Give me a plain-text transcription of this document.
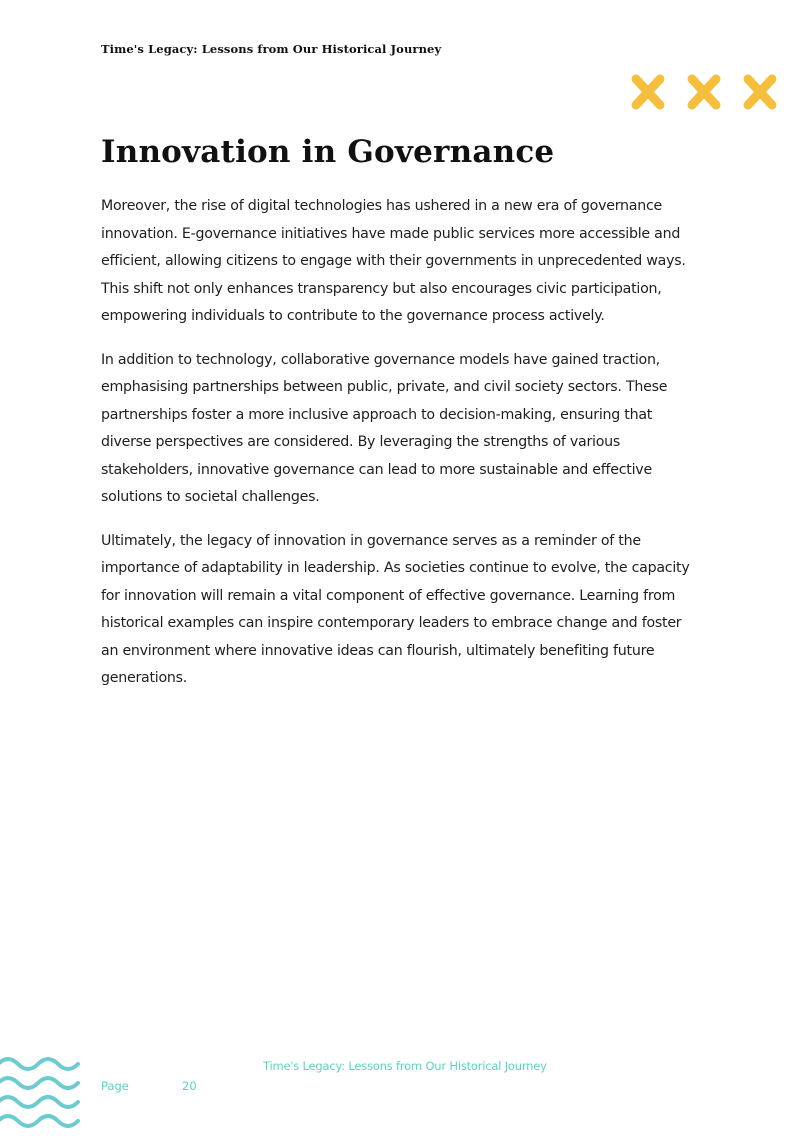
Time's Legacy: Lessons from Our Historical Journey
Innovation in Governance

Moreover, the rise of digital technologies has ushered in a new era of governance innovation. E-governance initiatives have made public services more accessible and efficient, allowing citizens to engage with their governments in unprecedented ways. This shift not only enhances transparency but also encourages civic participation, empowering individuals to contribute to the governance process actively.

In addition to technology, collaborative governance models have gained traction, emphasising partnerships between public, private, and civil society sectors. These partnerships foster a more inclusive approach to decision-making, ensuring that diverse perspectives are considered. By leveraging the strengths of various stakeholders, innovative governance can lead to more sustainable and effective solutions to societal challenges.

Ultimately, the legacy of innovation in governance serves as a reminder of the importance of adaptability in leadership. As societies continue to evolve, the capacity for innovation will remain a vital component of effective governance. Learning from historical examples can inspire contemporary leaders to embrace change and foster an environment where innovative ideas can flourish, ultimately benefiting future generations.

Time's Legacy: Lessons from Our Historical Journey
Page	20
